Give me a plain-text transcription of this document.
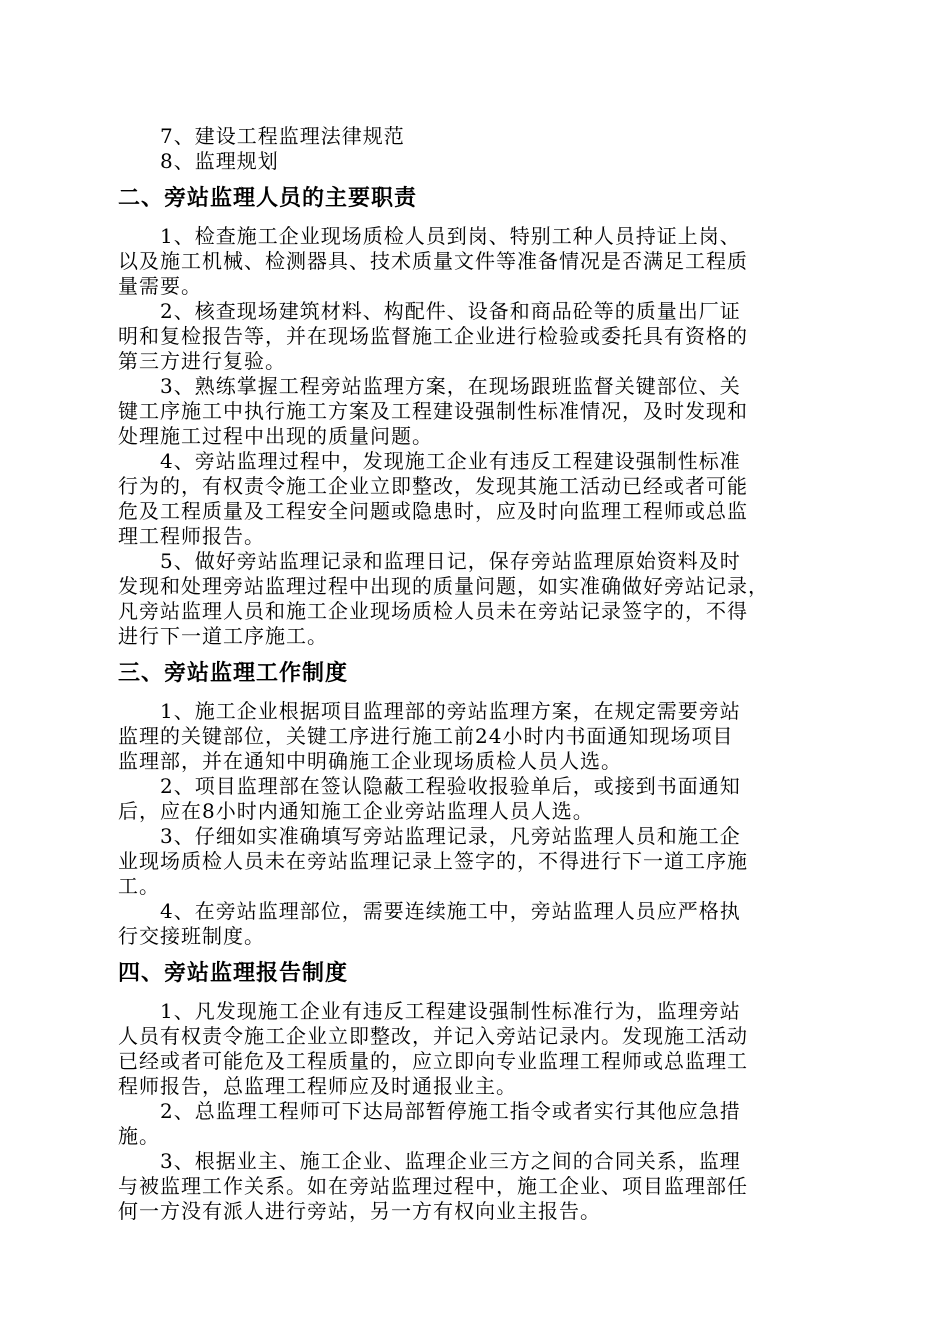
7、建设工程监理法律规范
8、监理规划
二、旁站监理人员的主要职责
1、检查施工企业现场质检人员到岗、特别工种人员持证上岗、
以及施工机械、检测器具、技术质量文件等准备情况是否满足工程质
量需要。
2、核查现场建筑材料、构配件、设备和商品砼等的质量出厂证
明和复检报告等，并在现场监督施工企业进行检验或委托具有资格的
第三方进行复验。
3、熟练掌握工程旁站监理方案，在现场跟班监督关键部位、关
键工序施工中执行施工方案及工程建设强制性标准情况，及时发现和
处理施工过程中出现的质量问题。
4、旁站监理过程中，发现施工企业有违反工程建设强制性标准
行为的，有权责令施工企业立即整改，发现其施工活动已经或者可能
危及工程质量及工程安全问题或隐患时，应及时向监理工程师或总监
理工程师报告。
5、做好旁站监理记录和监理日记，保存旁站监理原始资料及时
发现和处理旁站监理过程中出现的质量问题，如实准确做好旁站记录，
凡旁站监理人员和施工企业现场质检人员未在旁站记录签字的，不得
进行下一道工序施工。
三、旁站监理工作制度
1、施工企业根据项目监理部的旁站监理方案，在规定需要旁站
监理的关键部位，关键工序进行施工前24小时内书面通知现场项目
监理部，并在通知中明确施工企业现场质检人员人选。
2、项目监理部在签认隐蔽工程验收报验单后，或接到书面通知
后，应在8小时内通知施工企业旁站监理人员人选。
3、仔细如实准确填写旁站监理记录，凡旁站监理人员和施工企
业现场质检人员未在旁站监理记录上签字的，不得进行下一道工序施
工。
4、在旁站监理部位，需要连续施工中，旁站监理人员应严格执
行交接班制度。
四、旁站监理报告制度
1、凡发现施工企业有违反工程建设强制性标准行为，监理旁站
人员有权责令施工企业立即整改，并记入旁站记录内。发现施工活动
已经或者可能危及工程质量的，应立即向专业监理工程师或总监理工
程师报告，总监理工程师应及时通报业主。
2、总监理工程师可下达局部暂停施工指令或者实行其他应急措
施。
3、根据业主、施工企业、监理企业三方之间的合同关系，监理
与被监理工作关系。如在旁站监理过程中，施工企业、项目监理部任
何一方没有派人进行旁站，另一方有权向业主报告。
